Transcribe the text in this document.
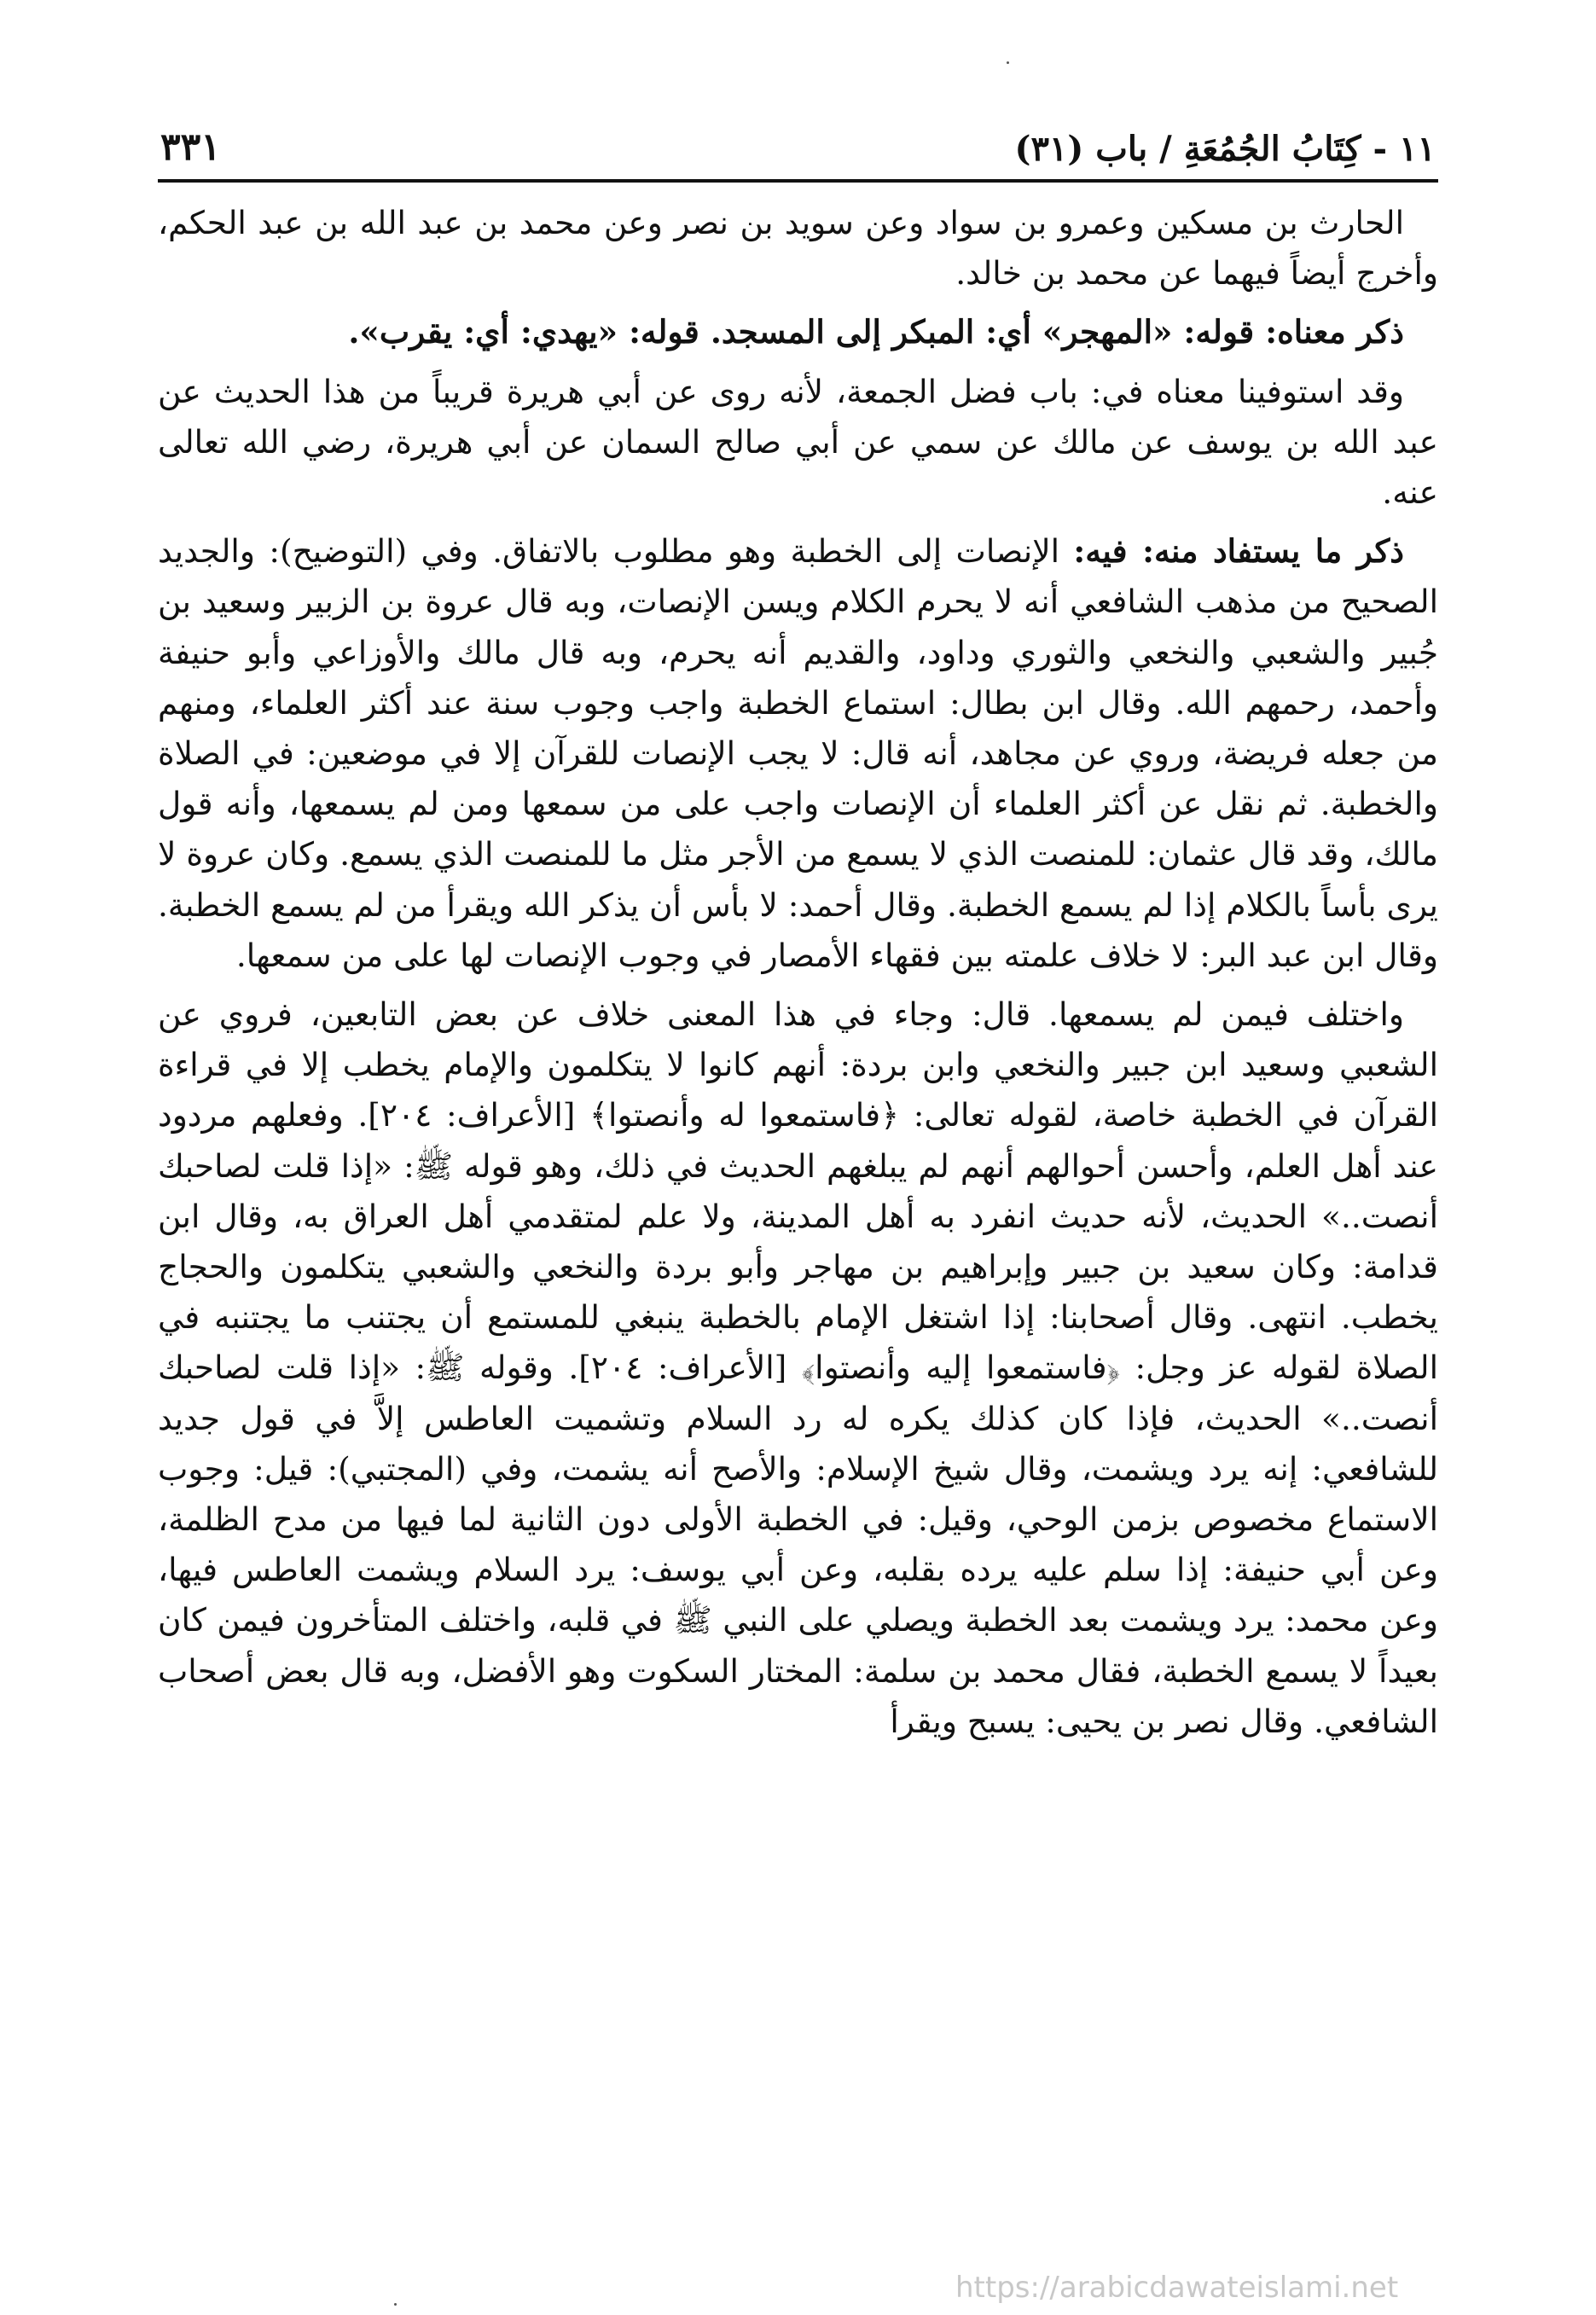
١١ - كِتَابُ الجُمُعَةِ / باب (٣١)
٣٣١

الحارث بن مسكين وعمرو بن سواد وعن سويد بن نصر وعن محمد بن عبد الله بن عبد الحكم، وأخرج أيضاً فيهما عن محمد بن خالد.

ذكر معناه: قوله: «المهجر» أي: المبكر إلى المسجد. قوله: «يهدي: أي: يقرب».

وقد استوفينا معناه في: باب فضل الجمعة، لأنه روى عن أبي هريرة قريباً من هذا الحديث عن عبد الله بن يوسف عن مالك عن سمي عن أبي صالح السمان عن أبي هريرة، رضي الله تعالى عنه.

ذكر ما يستفاد منه: فيه: الإنصات إلى الخطبة وهو مطلوب بالاتفاق. وفي (التوضيح): والجديد الصحيح من مذهب الشافعي أنه لا يحرم الكلام ويسن الإنصات، وبه قال عروة بن الزبير وسعيد بن جُبير والشعبي والنخعي والثوري وداود، والقديم أنه يحرم، وبه قال مالك والأوزاعي وأبو حنيفة وأحمد، رحمهم الله. وقال ابن بطال: استماع الخطبة واجب وجوب سنة عند أكثر العلماء، ومنهم من جعله فريضة، وروي عن مجاهد، أنه قال: لا يجب الإنصات للقرآن إلا في موضعين: في الصلاة والخطبة. ثم نقل عن أكثر العلماء أن الإنصات واجب على من سمعها ومن لم يسمعها، وأنه قول مالك، وقد قال عثمان: للمنصت الذي لا يسمع من الأجر مثل ما للمنصت الذي يسمع. وكان عروة لا يرى بأساً بالكلام إذا لم يسمع الخطبة. وقال أحمد: لا بأس أن يذكر الله ويقرأ من لم يسمع الخطبة. وقال ابن عبد البر: لا خلاف علمته بين فقهاء الأمصار في وجوب الإنصات لها على من سمعها.

واختلف فيمن لم يسمعها. قال: وجاء في هذا المعنى خلاف عن بعض التابعين، فروي عن الشعبي وسعيد ابن جبير والنخعي وابن بردة: أنهم كانوا لا يتكلمون والإمام يخطب إلا في قراءة القرآن في الخطبة خاصة، لقوله تعالى: ﴿فاستمعوا له وأنصتوا﴾ [الأعراف: ٢٠٤]. وفعلهم مردود عند أهل العلم، وأحسن أحوالهم أنهم لم يبلغهم الحديث في ذلك، وهو قوله ﷺ: «إذا قلت لصاحبك أنصت..» الحديث، لأنه حديث انفرد به أهل المدينة، ولا علم لمتقدمي أهل العراق به، وقال ابن قدامة: وكان سعيد بن جبير وإبراهيم بن مهاجر وأبو بردة والنخعي والشعبي يتكلمون والحجاج يخطب. انتهى. وقال أصحابنا: إذا اشتغل الإمام بالخطبة ينبغي للمستمع أن يجتنب ما يجتنبه في الصلاة لقوله عز وجل: ﴿فاستمعوا إليه وأنصتوا﴾ [الأعراف: ٢٠٤]. وقوله ﷺ: «إذا قلت لصاحبك أنصت..» الحديث، فإذا كان كذلك يكره له رد السلام وتشميت العاطس إلاَّ في قول جديد للشافعي: إنه يرد ويشمت، وقال شيخ الإسلام: والأصح أنه يشمت، وفي (المجتبي): قيل: وجوب الاستماع مخصوص بزمن الوحي، وقيل: في الخطبة الأولى دون الثانية لما فيها من مدح الظلمة، وعن أبي حنيفة: إذا سلم عليه يرده بقلبه، وعن أبي يوسف: يرد السلام ويشمت العاطس فيها، وعن محمد: يرد ويشمت بعد الخطبة ويصلي على النبي ﷺ في قلبه، واختلف المتأخرون فيمن كان بعيداً لا يسمع الخطبة، فقال محمد بن سلمة: المختار السكوت وهو الأفضل، وبه قال بعض أصحاب الشافعي. وقال نصر بن يحيى: يسبح ويقرأ

https://arabicdawateislami.net
